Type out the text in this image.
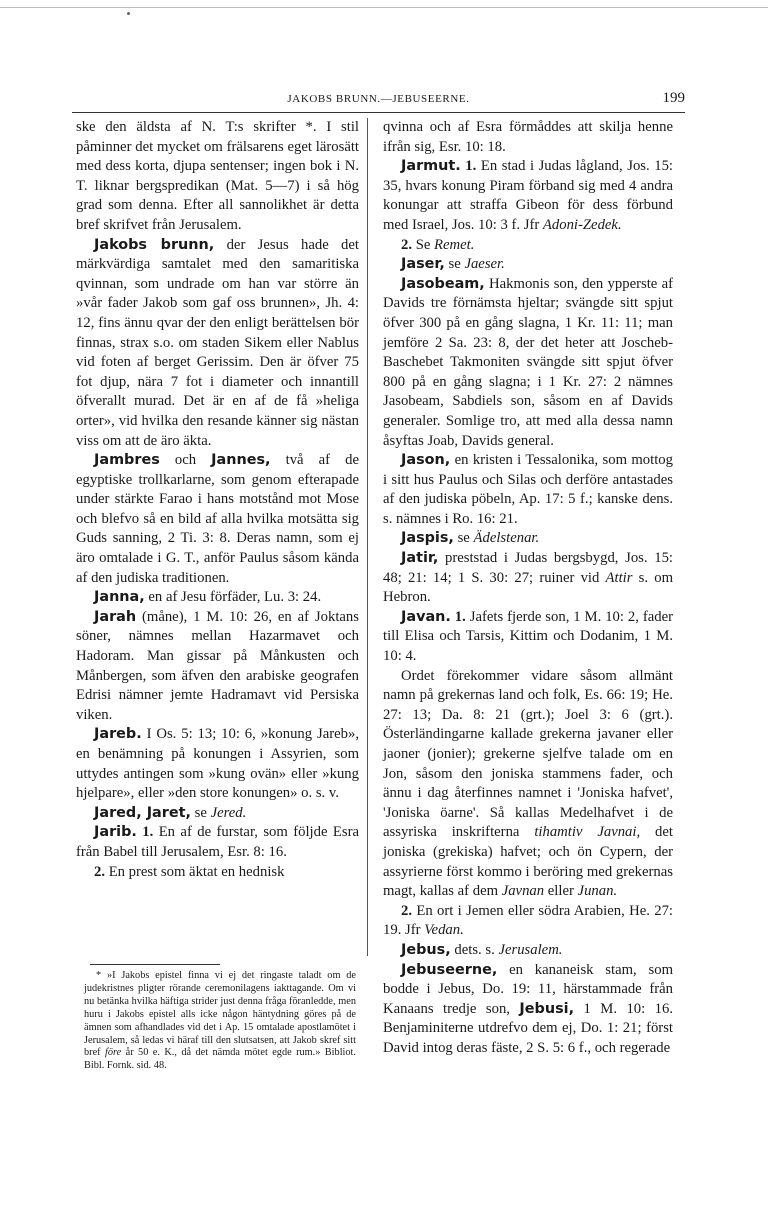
JAKOBS BRUNN.—JEBUSEERNE.	199

ske den äldsta af N. T:s skrifter *. I stil påminner det mycket om frälsarens eget lärosätt med dess korta, djupa sentenser; ingen bok i N. T. liknar bergspredikan (Mat. 5—7) i så hög grad som denna. Efter all sannolikhet är detta bref skrifvet från Jerusalem.

Jakobs brunn, der Jesus hade det märkvärdiga samtalet med den samaritiska qvinnan, som undrade om han var större än »vår fader Jakob som gaf oss brunnen», Jh. 4: 12, fins ännu qvar der den enligt berättelsen bör finnas, strax s.o. om staden Sikem eller Nablus vid foten af berget Gerissim. Den är öfver 75 fot djup, nära 7 fot i diameter och innantill öfverallt murad. Det är en af de få »heliga orter», vid hvilka den resande känner sig nästan viss om att de äro äkta.

Jambres och Jannes, två af de egyptiske trollkarlarne, som genom efterapade under stärkte Farao i hans motstånd mot Mose och blefvo så en bild af alla hvilka motsätta sig Guds sanning, 2 Ti. 3: 8. Deras namn, som ej äro omtalade i G. T., anför Paulus såsom kända af den judiska traditionen.

Janna, en af Jesu förfäder, Lu. 3: 24.

Jarah (måne), 1 M. 10: 26, en af Joktans söner, nämnes mellan Hazarmavet och Hadoram. Man gissar på Månkusten och Månbergen, som äfven den arabiske geografen Edrisi nämner jemte Hadramavt vid Persiska viken.

Jareb. I Os. 5: 13; 10: 6, »konung Jareb», en benämning på konungen i Assyrien, som uttydes antingen som »kung ovän» eller »kung hjelpare», eller »den store konungen» o. s. v.

Jared, Jaret, se Jered.

Jarib. 1. En af de furstar, som följde Esra från Babel till Jerusalem, Esr. 8: 16.

2. En prest som äktat en hednisk

* »I Jakobs epistel finna vi ej det ringaste taladt om de judekristnes pligter rörande ceremonilagens iakttagande. Om vi nu betänka hvilka häftiga strider just denna fråga föranledde, men huru i Jakobs epistel alls icke någon häntydning göres på de ämnen som afhandlades vid det i Ap. 15 omtalade apostlamötet i Jerusalem, så ledas vi häraf till den slutsatsen, att Jakob skref sitt bref före år 50 e. K., då det nämda mötet egde rum.» Bibliot. Bibl. Fornk. sid. 48.

qvinna och af Esra förmåddes att skilja henne ifrån sig, Esr. 10: 18.

Jarmut. 1. En stad i Judas lågland, Jos. 15: 35, hvars konung Piram förband sig med 4 andra konungar att straffa Gibeon för dess förbund med Israel, Jos. 10: 3 f. Jfr Adoni-Zedek.

2. Se Remet.

Jaser, se Jaeser.

Jasobeam, Hakmonis son, den ypperste af Davids tre förnämsta hjeltar; svängde sitt spjut öfver 300 på en gång slagna, 1 Kr. 11: 11; man jemföre 2 Sa. 23: 8, der det heter att Joscheb-Baschebet Takmoniten svängde sitt spjut öfver 800 på en gång slagna; i 1 Kr. 27: 2 nämnes Jasobeam, Sabdiels son, såsom en af Davids generaler. Somlige tro, att med alla dessa namn åsyftas Joab, Davids general.

Jason, en kristen i Tessalonika, som mottog i sitt hus Paulus och Silas och derföre antastades af den judiska pöbeln, Ap. 17: 5 f.; kanske dens. s. nämnes i Ro. 16: 21.

Jaspis, se Ädelstenar.

Jatir, preststad i Judas bergsbygd, Jos. 15: 48; 21: 14; 1 S. 30: 27; ruiner vid Attir s. om Hebron.

Javan. 1. Jafets fjerde son, 1 M. 10: 2, fader till Elisa och Tarsis, Kittim och Dodanim, 1 M. 10: 4.

Ordet förekommer vidare såsom allmänt namn på grekernas land och folk, Es. 66: 19; He. 27: 13; Da. 8: 21 (grt.); Joel 3: 6 (grt.). Österländingarne kallade grekerna javaner eller jaoner (jonier); grekerne sjelfve talade om en Jon, såsom den joniska stammens fader, och ännu i dag återfinnes namnet i 'Joniska hafvet', 'Joniska öarne'. Så kallas Medelhafvet i de assyriska inskrifterna tihamtiv Javnai, det joniska (grekiska) hafvet; och ön Cypern, der assyrierne först kommo i beröring med grekernas magt, kallas af dem Javnan eller Junan.

2. En ort i Jemen eller södra Arabien, He. 27: 19. Jfr Vedan.

Jebus, dets. s. Jerusalem.

Jebuseerne, en kananeisk stam, som bodde i Jebus, Do. 19: 11, härstammade från Kanaans tredje son, Jebusi, 1 M. 10: 16. Benjaminiterne utdrefvo dem ej, Do. 1: 21; först David intog deras fäste, 2 S. 5: 6 f., och regerade
